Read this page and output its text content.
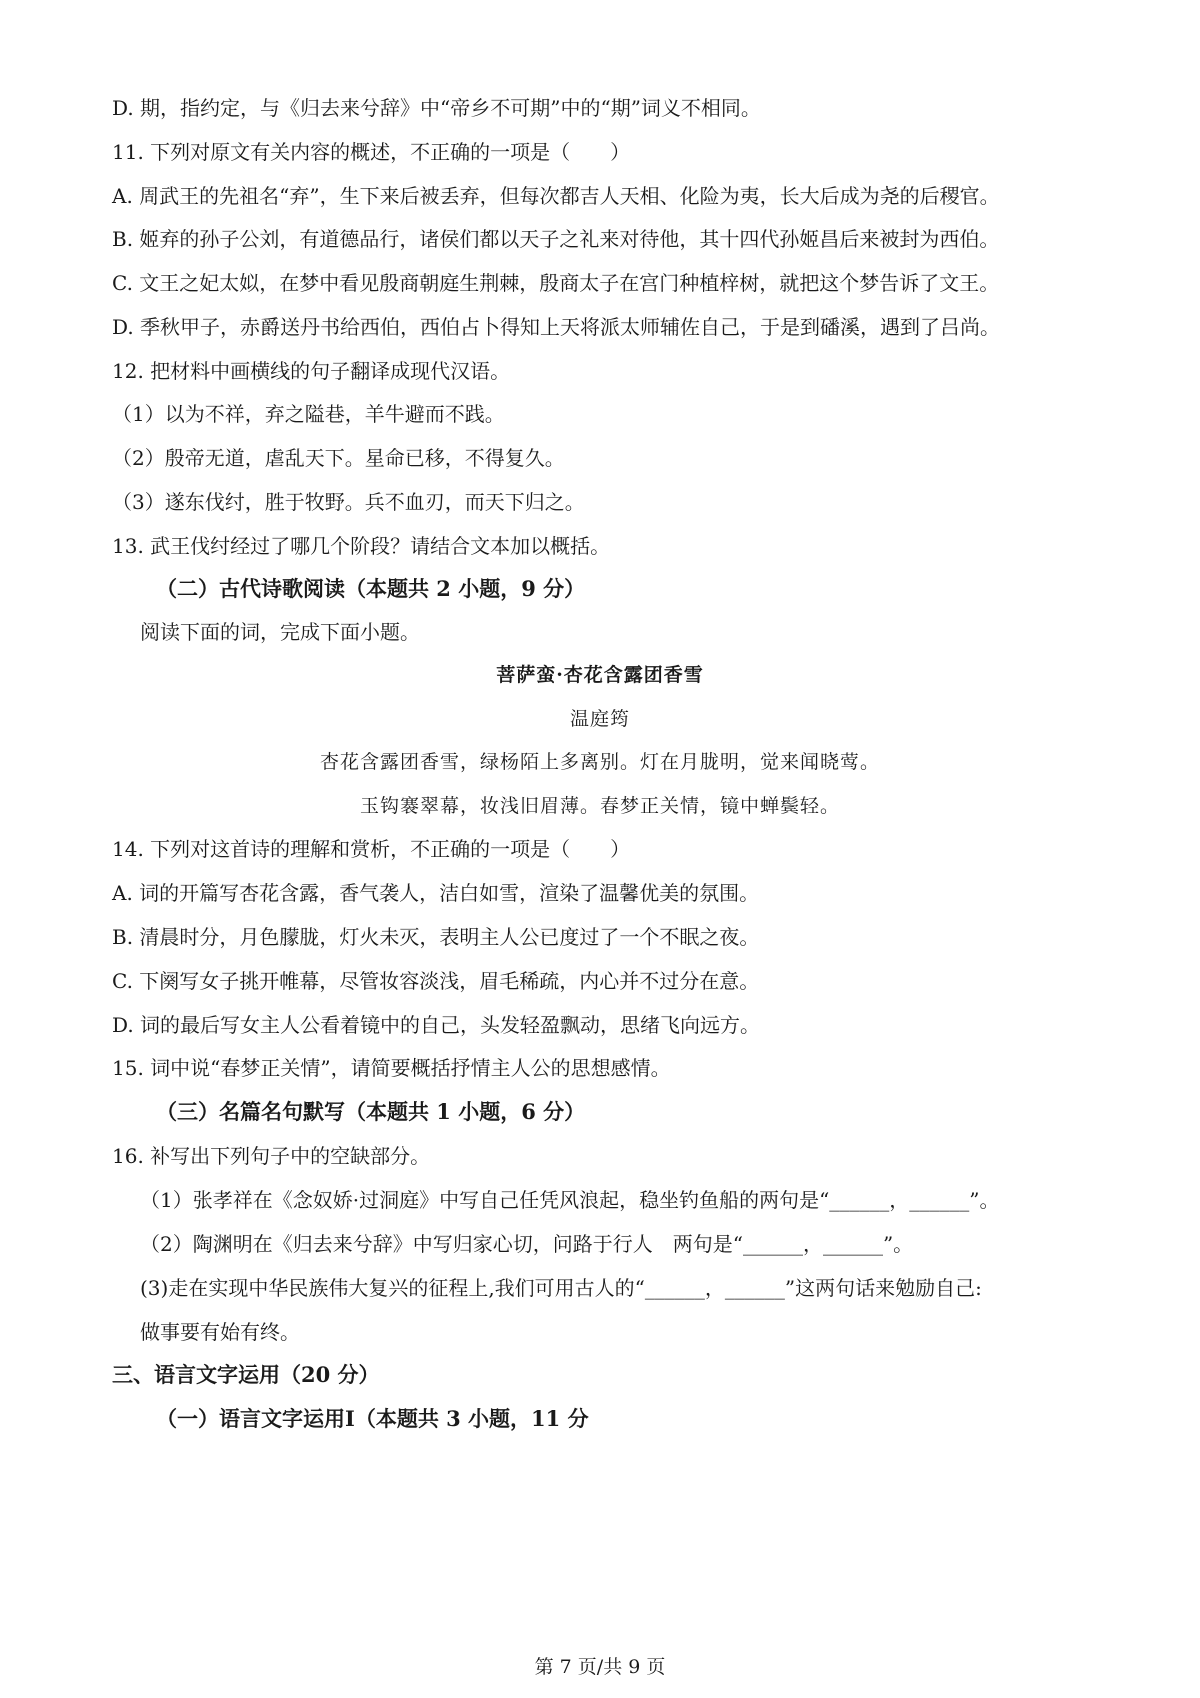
D. 期，指约定，与《归去来兮辞》中“帝乡不可期”中的“期”词义不相同。
11. 下列对原文有关内容的概述，不正确的一项是（　　）
A. 周武王的先祖名“弃”，生下来后被丢弃，但每次都吉人天相、化险为夷，长大后成为尧的后稷官。
B. 姬弃的孙子公刘，有道德品行，诸侯们都以天子之礼来对待他，其十四代孙姬昌后来被封为西伯。
C. 文王之妃太姒，在梦中看见殷商朝庭生荆棘，殷商太子在宫门种植梓树，就把这个梦告诉了文王。
D. 季秋甲子，赤爵送丹书给西伯，西伯占卜得知上天将派太师辅佐自己，于是到磻溪，遇到了吕尚。
12. 把材料中画横线的句子翻译成现代汉语。
（1）以为不祥，弃之隘巷，羊牛避而不践。
（2）殷帝无道，虐乱天下。星命已移，不得复久。
（3）遂东伐纣，胜于牧野。兵不血刃，而天下归之。
13. 武王伐纣经过了哪几个阶段？请结合文本加以概括。
（二）古代诗歌阅读（本题共 2 小题，9 分）
阅读下面的词，完成下面小题。
菩萨蛮·杏花含露团香雪
温庭筠
杏花含露团香雪，绿杨陌上多离别。灯在月胧明，觉来闻晓莺。
玉钩褰翠幕，妆浅旧眉薄。春梦正关情，镜中蝉鬓轻。
14. 下列对这首诗的理解和赏析，不正确的一项是（　　）
A. 词的开篇写杏花含露，香气袭人，洁白如雪，渲染了温馨优美的氛围。
B. 清晨时分，月色朦胧，灯火未灭，表明主人公已度过了一个不眠之夜。
C. 下阕写女子挑开帷幕，尽管妆容淡浅，眉毛稀疏，内心并不过分在意。
D. 词的最后写女主人公看着镜中的自己，头发轻盈飘动，思绪飞向远方。
15. 词中说“春梦正关情”，请简要概括抒情主人公的思想感情。
（三）名篇名句默写（本题共 1 小题，6 分）
16. 补写出下列句子中的空缺部分。
（1）张孝祥在《念奴娇·过洞庭》中写自己任凭风浪起，稳坐钓鱼船的两句是“______，______”。
（2）陶渊明在《归去来兮辞》中写归家心切，问路于行人　两句是“______，______”。
(3)走在实现中华民族伟大复兴的征程上,我们可用古人的“______，______”这两句话来勉励自己:
做事要有始有终。
三、语言文字运用（20 分）
（一）语言文字运用Ⅰ（本题共 3 小题，11 分
第 7 页/共 9 页
